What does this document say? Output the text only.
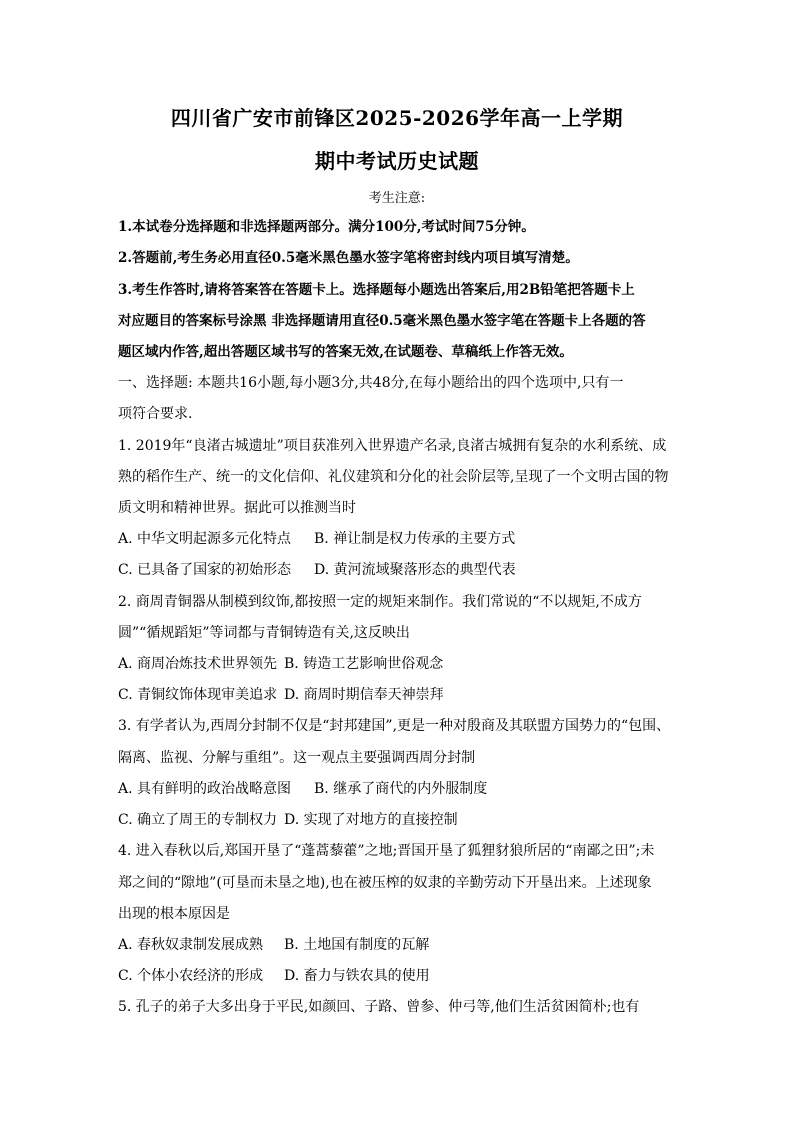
四川省广安市前锋区2025-2026学年高一上学期
期中考试历史试题
考生注意:
1.本试卷分选择题和非选择题两部分。满分100分,考试时间75分钟。
2.答题前,考生务必用直径0.5毫米黑色墨水签字笔将密封线内项目填写清楚。
3.考生作答时,请将答案答在答题卡上。选择题每小题选出答案后,用2B铅笔把答题卡上
对应题目的答案标号涂黑 非选择题请用直径0.5毫米黑色墨水签字笔在答题卡上各题的答
题区域内作答,超出答题区域书写的答案无效,在试题卷、草稿纸上作答无效。
一、选择题: 本题共16小题,每小题3分,共48分,在每小题给出的四个选项中,只有一
项符合要求.
1. 2019年“良渚古城遗址”项目获准列入世界遗产名录,良渚古城拥有复杂的水利系统、成
熟的稻作生产、统一的文化信仰、礼仪建筑和分化的社会阶层等,呈现了一个文明古国的物
质文明和精神世界。据此可以推测当时
A. 中华文明起源多元化特点 B. 禅让制是权力传承的主要方式
C. 已具备了国家的初始形态 D. 黄河流域聚落形态的典型代表
2. 商周青铜器从制模到纹饰,都按照一定的规矩来制作。我们常说的“不以规矩,不成方
圆”“循规蹈矩”等词都与青铜铸造有关,这反映出
A. 商周冶炼技术世界领先 B. 铸造工艺影响世俗观念
C. 青铜纹饰体现审美追求 D. 商周时期信奉天神崇拜
3. 有学者认为,西周分封制不仅是“封邦建国”,更是一种对殷商及其联盟方国势力的“包围、
隔离、监视、分解与重组”。这一观点主要强调西周分封制
A. 具有鲜明的政治战略意图 B. 继承了商代的内外服制度
C. 确立了周王的专制权力 D. 实现了对地方的直接控制
4. 进入春秋以后,郑国开垦了“蓬蒿藜藿”之地;晋国开垦了狐狸豺狼所居的“南鄙之田”;未
郑之间的“隙地”(可垦而未垦之地),也在被压榨的奴隶的辛勤劳动下开垦出来。上述现象
出现的根本原因是
A. 春秋奴隶制发展成熟 B. 土地国有制度的瓦解
C. 个体小农经济的形成 D. 畜力与铁农具的使用
5. 孔子的弟子大多出身于平民,如颜回、子路、曾参、仲弓等,他们生活贫困简朴;也有
